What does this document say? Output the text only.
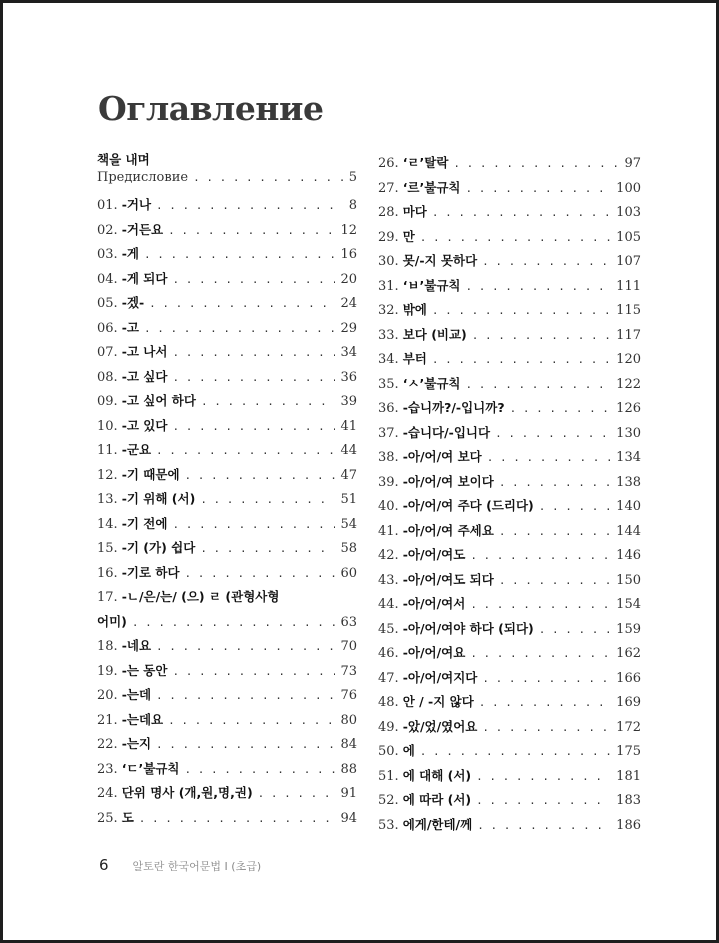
Оглавление
책을 내며
Предисловие . . .	5
01. -거나 . . .	8
02. -거든요 . . .	12
03. -게 . . .	16
04. -게 되다 . . .	20
05. -겠- . . .	24
06. -고 . . .	29
07. -고 나서 . . .	34
08. -고 싶다 . . .	36
09. -고 싶어 하다 . . .	39
10. -고 있다 . . .	41
11. -군요 . . .	44
12. -기 때문에 . . .	47
13. -기 위해 (서) . . .	51
14. -기 전에 . . .	54
15. -기 (가) 쉽다 . . .	58
16. -기로 하다 . . .	60
17. -ㄴ/은/는/ (으) ㄹ (관형사형
어미) . . .	63
18. -네요 . . .	70
19. -는 동안 . . .	73
20. -는데 . . .	76
21. -는데요 . . .	80
22. -는지 . . .	84
23. ‘ㄷ’불규칙 . . .	88
24. 단위 명사 (개,원,명,권) . . .	91
25. 도 . . .	94
26. ‘ㄹ’탈락 . . .	97
27. ‘르’불규칙 . . .	100
28. 마다 . . .	103
29. 만 . . .	105
30. 못/-지 못하다 . . .	107
31. ‘ㅂ’불규칙 . . .	111
32. 밖에 . . .	115
33. 보다 (비교) . . .	117
34. 부터 . . .	120
35. ‘ㅅ’불규칙 . . .	122
36. -습니까?/-입니까? . . .	126
37. -습니다/-입니다 . . .	130
38. -아/어/여 보다 . . .	134
39. -아/어/여 보이다 . . .	138
40. -아/어/여 주다 (드리다) . . .	140
41. -아/어/여 주세요 . . .	144
42. -아/어/여도 . . .	146
43. -아/어/여도 되다 . . .	150
44. -아/어/여서 . . .	154
45. -아/어/여야 하다 (되다) . . .	159
46. -아/어/여요 . . .	162
47. -아/어/여지다 . . .	166
48. 안 / -지 않다 . . .	169
49. -았/었/였어요 . . .	172
50. 에 . . .	175
51. 에 대해 (서) . . .	181
52. 에 따라 (서) . . .	183
53. 에게/한테/께 . . .	186
6 알토란 한국어문법 I (초급)
